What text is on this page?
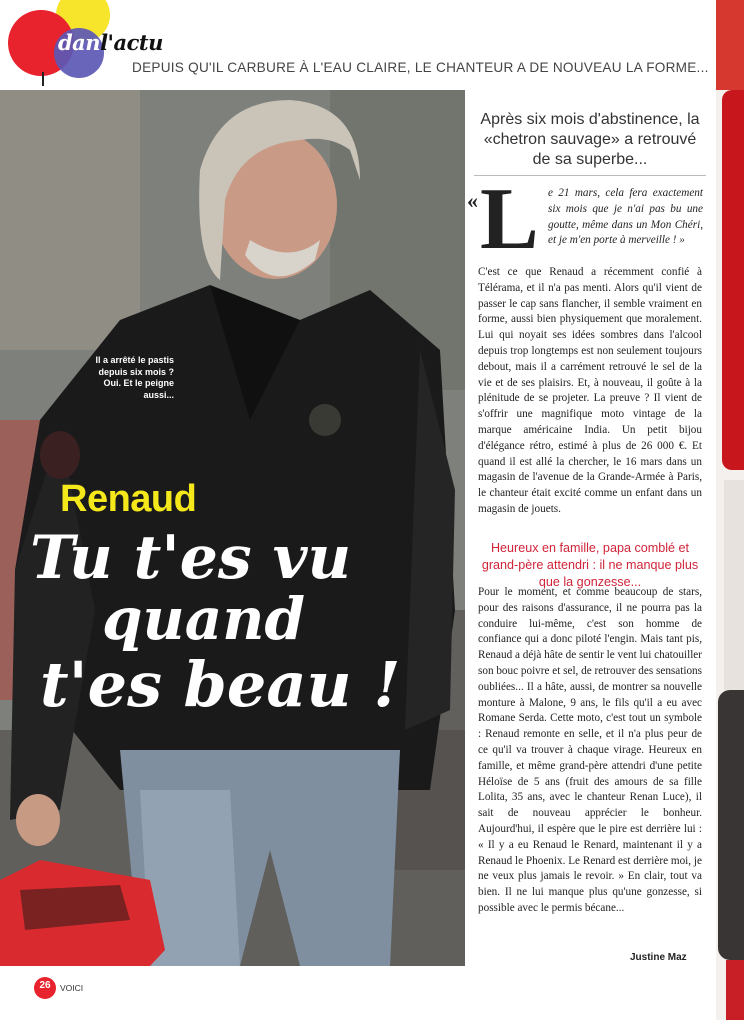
danl'actu
DEPUIS QU'IL CARBURE À L'EAU CLAIRE, LE CHANTEUR A DE NOUVEAU LA FORME...
Il a arrêté le pastis depuis six mois ? Oui. Et le peigne aussi...
Renaud
Tu t'es vu
quand
t'es beau !
Après six mois d'abstinence, la «chetron sauvage» a retrouvé de sa superbe...
« L e 21 mars, cela fera exactement six mois que je n'ai pas bu une goutte, même dans un Mon Chéri, et je m'en porte à merveille ! »
C'est ce que Renaud a récemment confié à Télérama, et il n'a pas menti. Alors qu'il vient de passer le cap sans flancher, il semble vraiment en forme, aussi bien physiquement que moralement. Lui qui noyait ses idées sombres dans l'alcool depuis trop longtemps est non seulement toujours debout, mais il a carrément retrouvé le sel de la vie et de ses plaisirs. Et, à nouveau, il goûte à la plénitude de se projeter. La preuve ? Il vient de s'offrir une magnifique moto vintage de la marque américaine India. Un petit bijou d'élégance rétro, estimé à plus de 26 000 €. Et quand il est allé la chercher, le 16 mars dans un magasin de l'avenue de la Grande-Armée à Paris, le chanteur était excité comme un enfant dans un magasin de jouets.
Heureux en famille, papa comblé et grand-père attendri : il ne manque plus que la gonzesse...
Pour le moment, et comme beaucoup de stars, pour des raisons d'assurance, il ne pourra pas la conduire lui-même, c'est son homme de confiance qui a donc piloté l'engin. Mais tant pis, Renaud a déjà hâte de sentir le vent lui chatouiller son bouc poivre et sel, de retrouver des sensations oubliées... Il a hâte, aussi, de montrer sa nouvelle monture à Malone, 9 ans, le fils qu'il a eu avec Romane Serda. Cette moto, c'est tout un symbole : Renaud remonte en selle, et il n'a plus peur de ce qu'il va trouver à chaque virage. Heureux en famille, et même grand-père attendri d'une petite Héloïse de 5 ans (fruit des amours de sa fille Lolita, 35 ans, avec le chanteur Renan Luce), il sait de nouveau apprécier le bonheur. Aujourd'hui, il espère que le pire est derrière lui : « Il y a eu Renaud le Renard, maintenant il y a Renaud le Phoenix. Le Renard est derrière moi, je ne veux plus jamais le revoir. » En clair, tout va bien. Il ne lui manque plus qu'une gonzesse, si possible avec le permis bécane...
Justine Maz
26	VOICI
